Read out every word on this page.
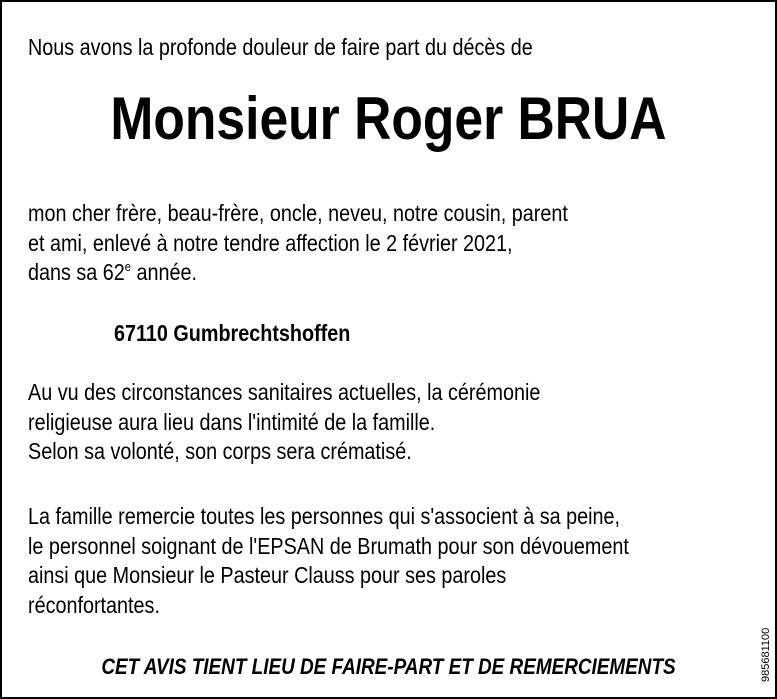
Nous avons la profonde douleur de faire part du décès de
Monsieur Roger BRUA
mon cher frère, beau-frère, oncle, neveu, notre cousin, parent
et ami, enlevé à notre tendre affection le 2 février 2021,
dans sa 62e année.
67110 Gumbrechtshoffen
Au vu des circonstances sanitaires actuelles, la cérémonie
religieuse aura lieu dans l'intimité de la famille.
Selon sa volonté, son corps sera crématisé.
La famille remercie toutes les personnes qui s'associent à sa peine,
le personnel soignant de l'EPSAN de Brumath pour son dévouement
ainsi que Monsieur le Pasteur Clauss pour ses paroles
réconfortantes.
CET AVIS TIENT LIEU DE FAIRE-PART ET DE REMERCIEMENTS	985681100
